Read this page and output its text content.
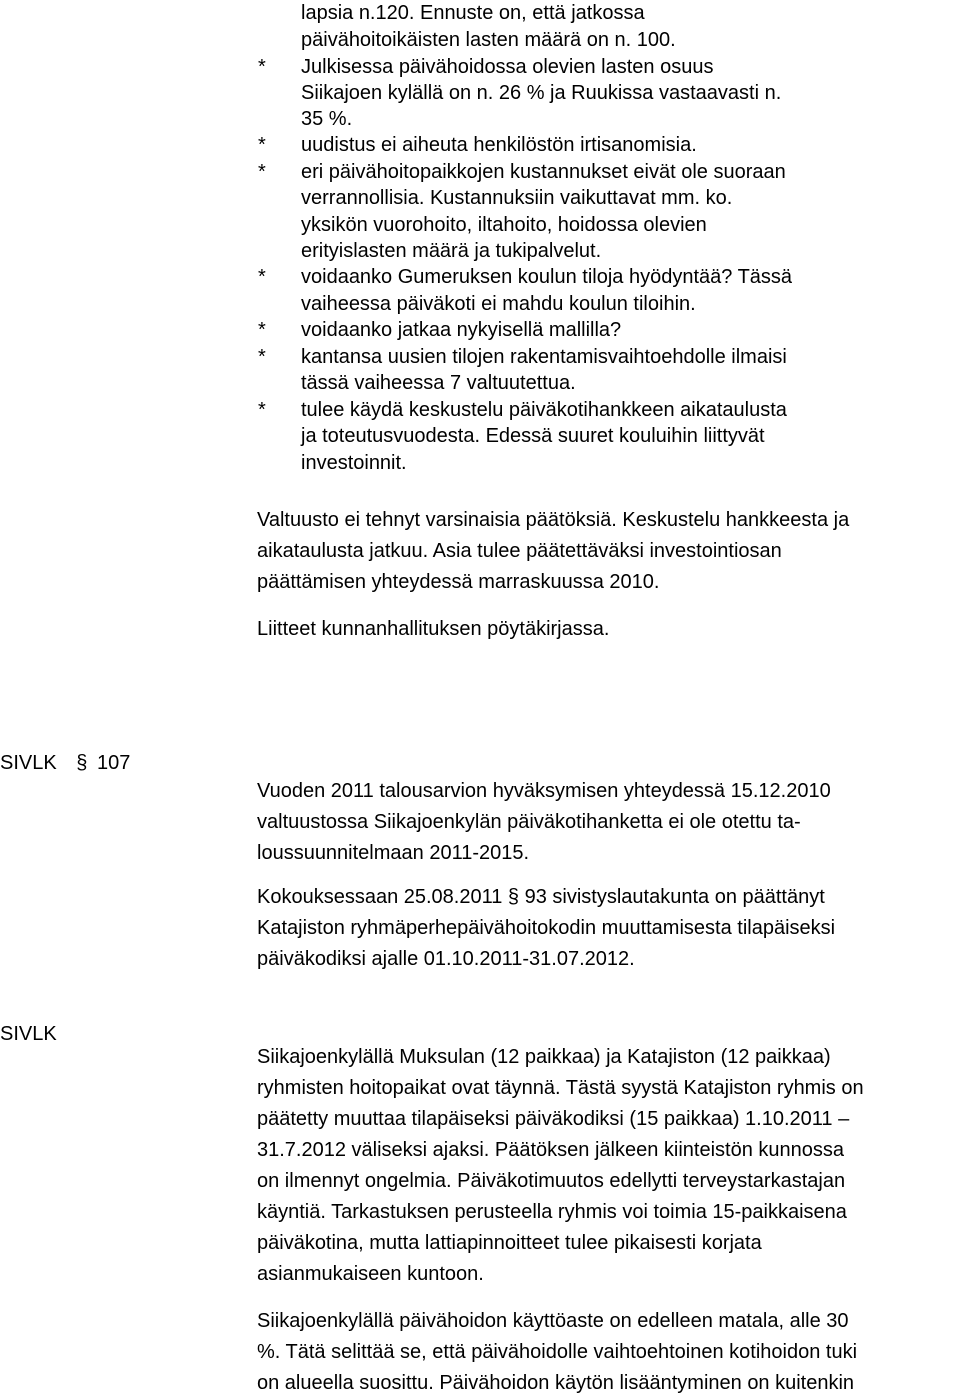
lapsia n.120. Ennuste on, että jatkossa
päivähoitoikäisten lasten määrä on n. 100.
* Julkisessa päivähoidossa olevien lasten osuus
Siikajoen kylällä on n. 26 % ja Ruukissa vastaavasti n.
35 %.
* uudistus ei aiheuta henkilöstön irtisanomisia.
* eri päivähoitopaikkojen kustannukset eivät ole suoraan
verrannollisia. Kustannuksiin vaikuttavat mm. ko.
yksikön vuorohoito, iltahoito, hoidossa olevien
erityislasten määrä ja tukipalvelut.
* voidaanko Gumeruksen koulun tiloja hyödyntää? Tässä
vaiheessa päiväkoti ei mahdu koulun tiloihin.
* voidaanko jatkaa nykyisellä mallilla?
* kantansa uusien tilojen rakentamisvaihtoehdolle ilmaisi
tässä vaiheessa 7 valtuutettua.
* tulee käydä keskustelu päiväkotihankkeen aikataulusta
ja toteutusvuodesta. Edessä suuret kouluihin liittyvät
investoinnit.
Valtuusto ei tehnyt varsinaisia päätöksiä. Keskustelu hankkeesta ja
aikataulusta jatkuu. Asia tulee päätettäväksi investointiosan
päättämisen yhteydessä marraskuussa 2010.
Liitteet kunnanhallituksen pöytäkirjassa.
SIVLK § 107
Vuoden 2011 talousarvion hyväksymisen yhteydessä 15.12.2010
valtuustossa Siikajoenkylän päiväkotihanketta ei ole otettu ta-
loussuunnitelmaan 2011-2015.
Kokouksessaan 25.08.2011 § 93 sivistyslautakunta on päättänyt
Katajiston ryhmäperhepäivähoitokodin muuttamisesta tilapäiseksi
päiväkodiksi ajalle 01.10.2011-31.07.2012.
SIVLK
Siikajoenkylällä Muksulan (12 paikkaa) ja Katajiston (12 paikkaa)
ryhmisten hoitopaikat ovat täynnä. Tästä syystä Katajiston ryhmis on
päätetty muuttaa tilapäiseksi päiväkodiksi (15 paikkaa) 1.10.2011 –
31.7.2012 väliseksi ajaksi. Päätöksen jälkeen kiinteistön kunnossa
on ilmennyt ongelmia. Päiväkotimuutos edellytti terveystarkastajan
käyntiä. Tarkastuksen perusteella ryhmis voi toimia 15-paikkaisena
päiväkotina, mutta lattiapinnoitteet tulee pikaisesti korjata
asianmukaiseen kuntoon.
Siikajoenkylällä päivähoidon käyttöaste on edelleen matala, alle 30
%. Tätä selittää se, että päivähoidolle vaihtoehtoinen kotihoidon tuki
on alueella suosittu. Päivähoidon käytön lisääntyminen on kuitenkin
